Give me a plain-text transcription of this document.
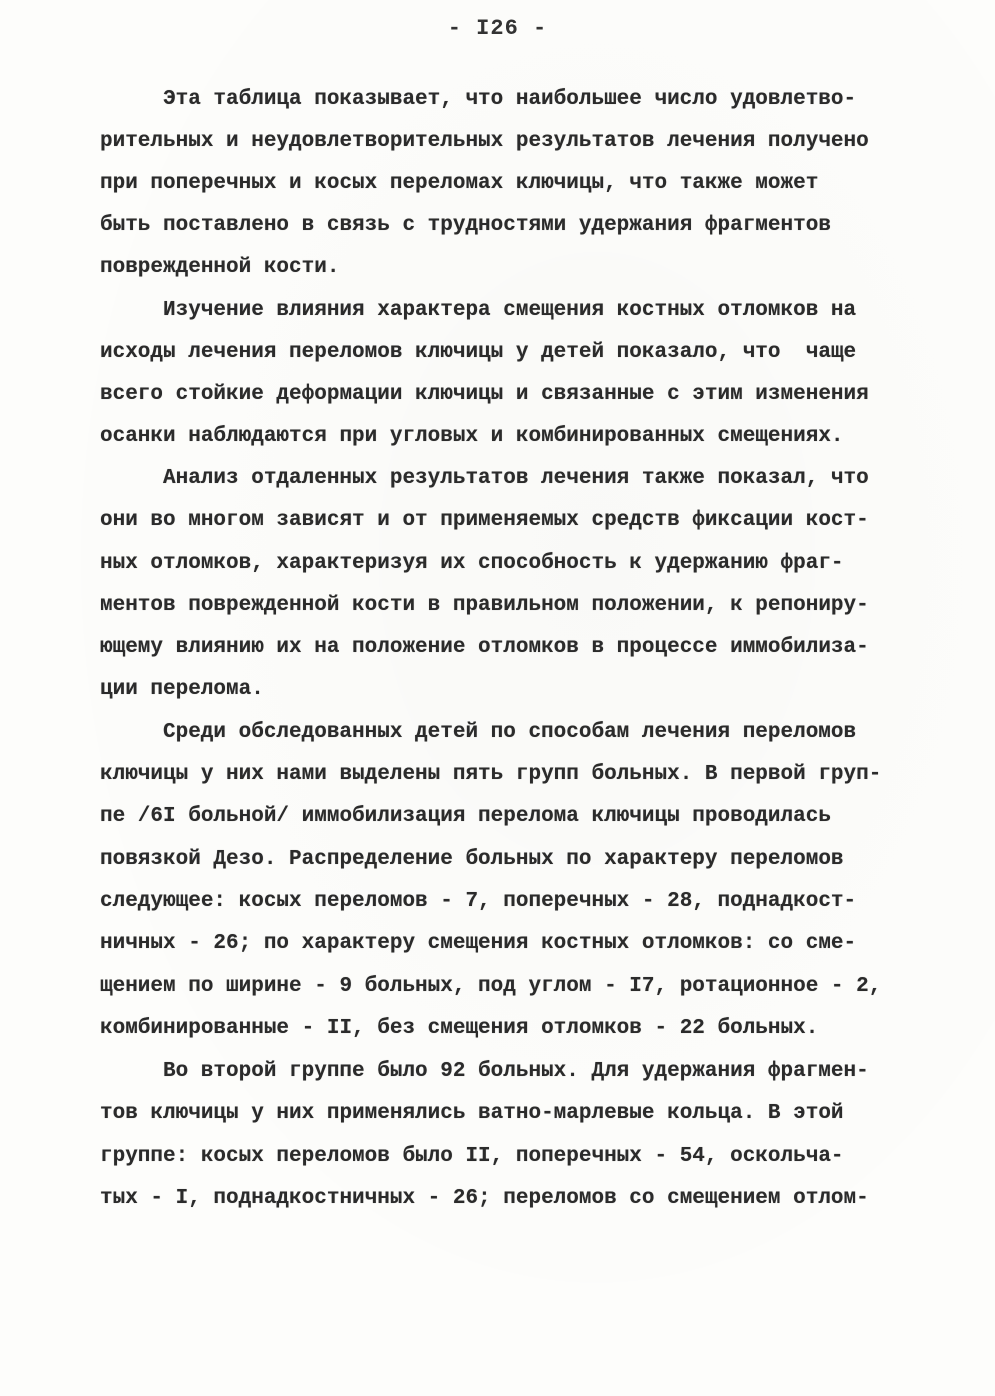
- I26 -
Эта таблица показывает, что наибольшее число удовлетво-
рительных и неудовлетворительных результатов лечения получено
при поперечных и косых переломах ключицы, что также может
быть поставлено в связь с трудностями удержания фрагментов
поврежденной кости.
Изучение влияния характера смещения костных отломков на
исходы лечения переломов ключицы у детей показало, что  чаще
всего стойкие деформации ключицы и связанные с этим изменения
осанки наблюдаются при угловых и комбинированных смещениях.
Анализ отдаленных результатов лечения также показал, что
они во многом зависят и от применяемых средств фиксации кост-
ных отломков, характеризуя их способность к удержанию фраг-
ментов поврежденной кости в правильном положении, к репониру-
ющему влиянию их на положение отломков в процессе иммобилиза-
ции перелома.
Среди обследованных детей по способам лечения переломов
ключицы у них нами выделены пять групп больных. В первой груп-
пе /6I больной/ иммобилизация перелома ключицы проводилась
повязкой Дезо. Распределение больных по характеру переломов
следующее: косых переломов - 7, поперечных - 28, поднадкост-
ничных - 26; по характеру смещения костных отломков: со сме-
щением по ширине - 9 больных, под углом - I7, ротационное - 2,
комбинированные - II, без смещения отломков - 22 больных.
Во второй группе было 92 больных. Для удержания фрагмен-
тов ключицы у них применялись ватно-марлевые кольца. В этой
группе: косых переломов было II, поперечных - 54, оскольча-
тых - I, поднадкостничных - 26; переломов со смещением отлом-
